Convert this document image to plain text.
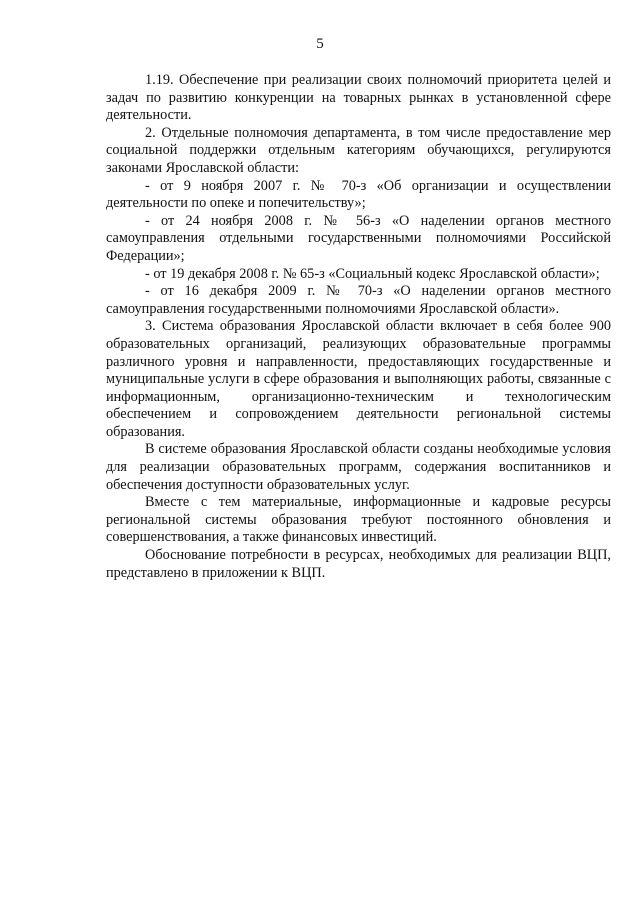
5

1.19. Обеспечение при реализации своих полномочий приоритета целей и задач по развитию конкуренции на товарных рынках в установленной сфере деятельности.

2. Отдельные полномочия департамента, в том числе предоставление мер социальной поддержки отдельным категориям обучающихся, регулируются законами Ярославской области:

- от 9 ноября 2007 г. № 70-з «Об организации и осуществлении деятельности по опеке и попечительству»;

- от 24 ноября 2008 г. № 56-з «О наделении органов местного самоуправления отдельными государственными полномочиями Российской Федерации»;

- от 19 декабря 2008 г. № 65-з «Социальный кодекс Ярославской области»;

- от 16 декабря 2009 г. № 70-з «О наделении органов местного самоуправления государственными полномочиями Ярославской области».

3. Система образования Ярославской области включает в себя более 900 образовательных организаций, реализующих образовательные программы различного уровня и направленности, предоставляющих государственные и муниципальные услуги в сфере образования и выполняющих работы, связанные с информационным, организационно-техническим и технологическим обеспечением и сопровождением деятельности региональной системы образования.

В системе образования Ярославской области созданы необходимые условия для реализации образовательных программ, содержания воспитанников и обеспечения доступности образовательных услуг.

Вместе с тем материальные, информационные и кадровые ресурсы региональной системы образования требуют постоянного обновления и совершенствования, а также финансовых инвестиций.

Обоснование потребности в ресурсах, необходимых для реализации ВЦП, представлено в приложении к ВЦП.
